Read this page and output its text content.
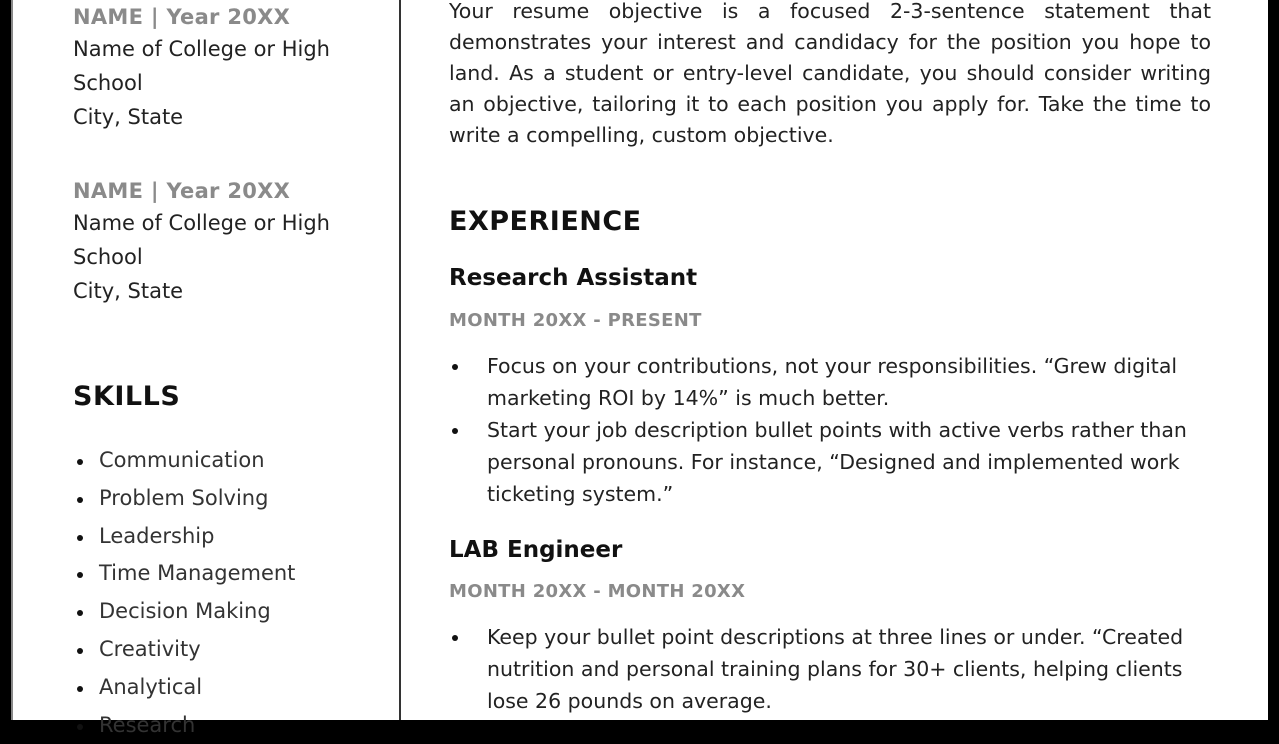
NAME | Year 20XX
Name of College or High
School
City, State
NAME | Year 20XX
Name of College or High
School
City, State
SKILLS
Communication
Problem Solving
Leadership
Time Management
Decision Making
Creativity
Analytical
Research

Your resume objective is a focused 2-3-sentence statement that demonstrates your interest and candidacy for the position you hope to land. As a student or entry-level candidate, you should consider writing an objective, tailoring it to each position you apply for. Take the time to write a compelling, custom objective.

EXPERIENCE
Research Assistant
MONTH 20XX - PRESENT
Focus on your contributions, not your responsibilities. “Grew digital marketing ROI by 14%” is much better.
Start your job description bullet points with active verbs rather than personal pronouns. For instance, “Designed and implemented work ticketing system.”
LAB Engineer
MONTH 20XX - MONTH 20XX
Keep your bullet point descriptions at three lines or under. “Created nutrition and personal training plans for 30+ clients, helping clients lose 26 pounds on average.
